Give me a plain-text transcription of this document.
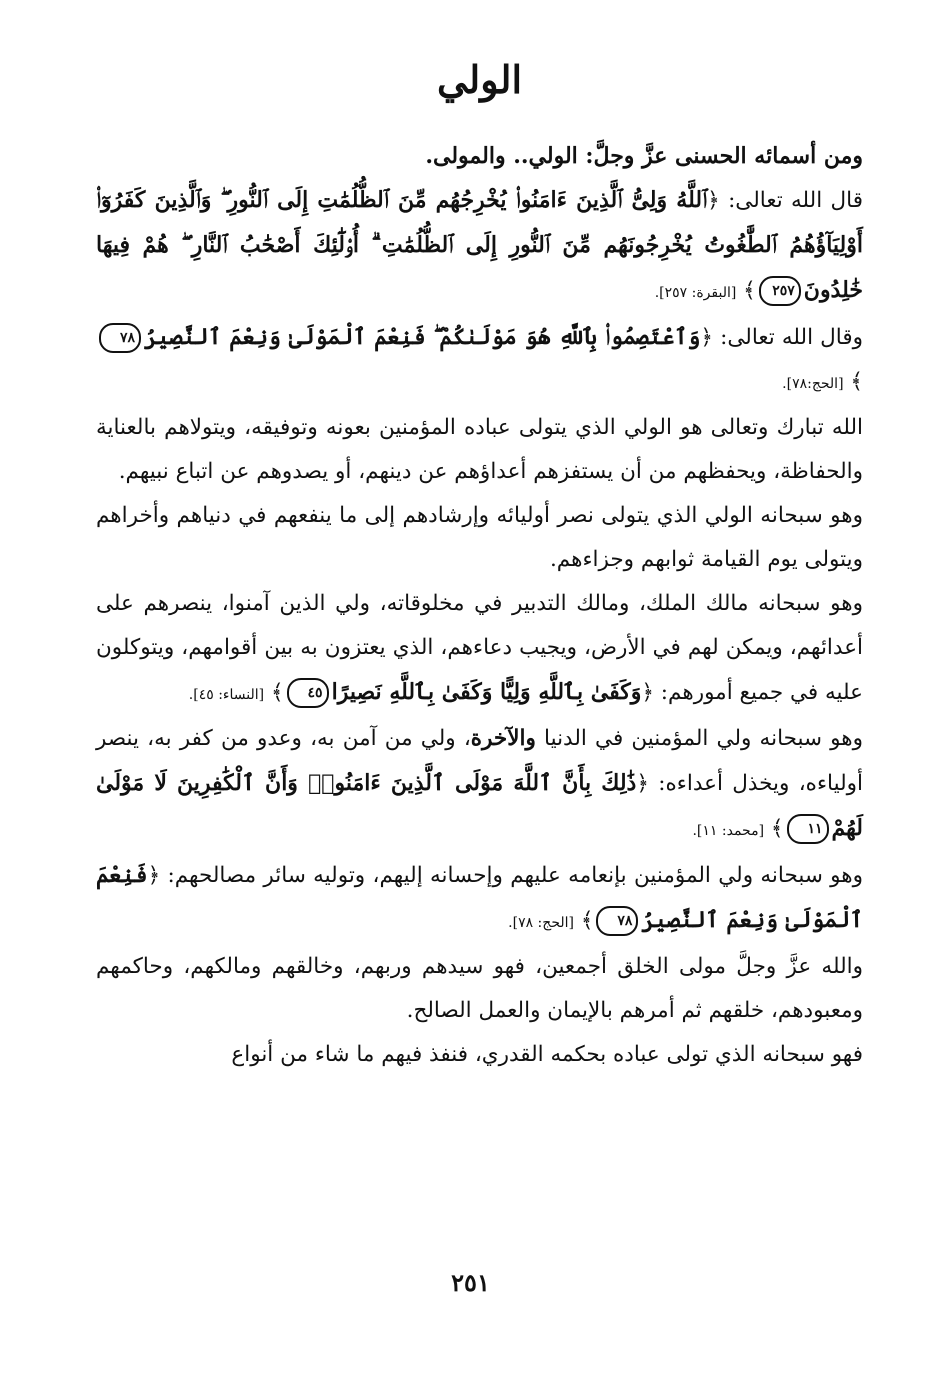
الولي

ومن أسمائه الحسنى عزَّ وجلَّ: الولي.. والمولى.

قال الله تعالى: ﴿ٱللَّهُ وَلِىُّ ٱلَّذِينَ ءَامَنُوا۟ يُخْرِجُهُم مِّنَ ٱلظُّلُمَٰتِ إِلَى ٱلنُّورِ ۖ وَٱلَّذِينَ كَفَرُوٓا۟ أَوْلِيَآؤُهُمُ ٱلطَّٰغُوتُ يُخْرِجُونَهُم مِّنَ ٱلنُّورِ إِلَى ٱلظُّلُمَٰتِ ۗ أُو۟لَٰٓئِكَ أَصْحَٰبُ ٱلنَّارِ ۖ هُمْ فِيهَا خَٰلِدُونَ٢٥٧﴾ [البقرة: ٢٥٧].

وقال الله تعالى: ﴿وَٱعْتَصِمُوا۟ بِٱللَّهِ هُوَ مَوْلَىٰكُمْ ۖ فَنِعْمَ ٱلْمَوْلَىٰ وَنِعْمَ ٱلنَّصِيرُ٧٨﴾ [الحج:٧٨].

الله تبارك وتعالى هو الولي الذي يتولى عباده المؤمنين بعونه وتوفيقه، ويتولاهم بالعناية والحفاظة، ويحفظهم من أن يستفزهم أعداؤهم عن دينهم، أو يصدوهم عن اتباع نبيهم.

وهو سبحانه الولي الذي يتولى نصر أوليائه وإرشادهم إلى ما ينفعهم في دنياهم وأخراهم ويتولى يوم القيامة ثوابهم وجزاءهم.

وهو سبحانه مالك الملك، ومالك التدبير في مخلوقاته، ولي الذين آمنوا، ينصرهم على أعدائهم، ويمكن لهم في الأرض، ويجيب دعاءهم، الذي يعتزون به بين أقوامهم، ويتوكلون عليه في جميع أمورهم: ﴿وَكَفَىٰ بِٱللَّهِ وَلِيًّا وَكَفَىٰ بِٱللَّهِ نَصِيرًا٤٥﴾ [النساء: ٤٥].

وهو سبحانه ولي المؤمنين في الدنيا والآخرة، ولي من آمن به، وعدو من كفر به، ينصر أولياءه، ويخذل أعداءه: ﴿ذَٰلِكَ بِأَنَّ ٱللَّهَ مَوْلَى ٱلَّذِينَ ءَامَنُوا۟ وَأَنَّ ٱلْكَٰفِرِينَ لَا مَوْلَىٰ لَهُمْ١١﴾ [محمد: ١١].

وهو سبحانه ولي المؤمنين بإنعامه عليهم وإحسانه إليهم، وتوليه سائر مصالحهم: ﴿فَنِعْمَ ٱلْمَوْلَىٰ وَنِعْمَ ٱلنَّصِيرُ٧٨﴾ [الحج: ٧٨].

والله عزَّ وجلَّ مولى الخلق أجمعين، فهو سيدهم وربهم، وخالقهم ومالكهم، وحاكمهم ومعبودهم، خلقهم ثم أمرهم بالإيمان والعمل الصالح.

فهو سبحانه الذي تولى عباده بحكمه القدري، فنفذ فيهم ما شاء من أنواع

٢٥١
